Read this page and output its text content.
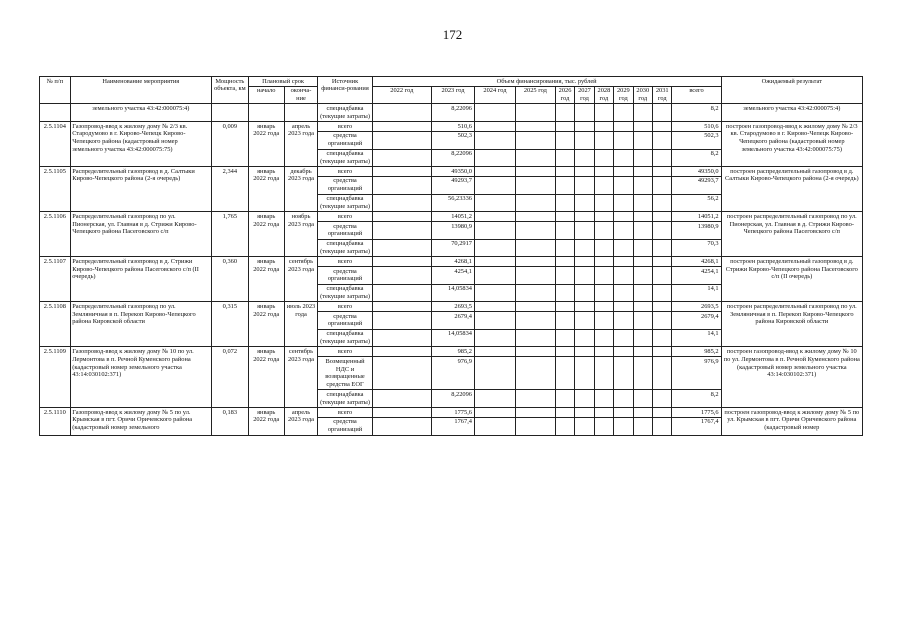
172
№ п/п	Наименование мероприятия	Мощность объекта, км	Плановый срок		Источник финанси-рования	Объем финансирования, тыс. рублей											Ожидаемый результат
			начало	оконча-ние		2022 год	2023 год	2024 год	2025 год	2026 год	2027 год	2028 год	2029 год	2030 год	2031 год	всего	
	земельного участка 43:42:000075:4)				спецнадбавка (текущие затраты)		8,22096									8,2	земельного участка 43:42:000075:4)
2.5.1104	Газопровод-ввод к жилому дому № 2/3 кв. Стародумово в г. Кирово-Чепецк Кирово-Чепецкого района (кадастровый номер земельного участка 43:42:000075:75)	0,009	январь 2022 года	апрель 2023 года	всего		510,6									510,6	построен газопровод-ввод к жилому дому № 2/3 кв. Стародумово в г. Кирово-Чепецк Кирово-Чепецкого района (кадастровый номер земельного участка 43:42:000075:75)
					средства организаций		502,3									502,3	
					спецнадбавка (текущие затраты)		8,22096									8,2	
2.5.1105	Распределительный газопровод в д. Салтыки Кирово-Чепецкого района (2-я очередь)	2,344	январь 2022 года	декабрь 2023 года	всего		49350,0									49350,0	построен распределительный газопровод в д. Салтыки Кирово-Чепецкого района (2-я очередь)
					средства организаций		49293,7									49293,7	
					спецнадбавка (текущие затраты)		56,23336									56,2	
2.5.1106	Распределительный газопровод по ул. Пионерская, ул. Главная в д. Стрижи Кирово-Чепецкого района Пасеговского с/п	1,765	январь 2022 года	ноябрь 2023 года	всего		14051,2									14051,2	построен распределительный газопровод по ул. Пионерская, ул. Главная в д. Стрижи Кирово-Чепецкого района Пасеговского с/п
					средства организаций		13980,9									13980,9	
					спецнадбавка (текущие затраты)		70,2917									70,3	
2.5.1107	Распределительный газопровод в д. Стрижи Кирово-Чепецкого района Пасеговского с/п (II очередь)	0,360	январь 2022 года	сентябрь 2023 года	всего		4268,1									4268,1	построен распределительный газопровод в д. Стрижи Кирово-Чепецкого района Пасеговского с/п (II очередь)
					средства организаций		4254,1									4254,1	
					спецнадбавка (текущие затраты)		14,05834									14,1	
2.5.1108	Распределительный газопровод по ул. Земляничная в п. Перекоп Кирово-Чепецкого района Кировской области	0,315	январь 2022 года	июль 2023 года	всего		2693,5									2693,5	построен распределительный газопровод по ул. Земляничная в п. Перекоп Кирово-Чепецкого района Кировской области
					средства организаций		2679,4									2679,4	
					спецнадбавка (текущие затраты)		14,05834									14,1	
2.5.1109	Газопровод-ввод к жилому дому № 10 по ул. Лермонтова в п. Речной Куменского района (кадастровый номер земельного участка 43:14:030102:371)	0,072	январь 2022 года	сентябрь 2023 года	всего		985,2									985,2	построен газопровод-ввод к жилому дому № 10 по ул. Лермонтова в п. Речной Куменского района (кадастровый номер земельного участка 43:14:030102:371)
					Возмещенный НДС и возвращенные средства ЕОГ		976,9									976,9	
					спецнадбавка (текущие затраты)		8,22096									8,2	
2.5.1110	Газопровод-ввод к жилому дому № 5 по ул. Крымская в пгт. Оричи Оричевского района (кадастровый номер земельного	0,183	январь 2022 года	апрель 2023 года	всего		1775,6									1775,6	построен газопровод-ввод к жилому дому № 5 по ул. Крымская в пгт. Оричи Оричевского района (кадастровый номер
					средства организаций		1767,4									1767,4	
